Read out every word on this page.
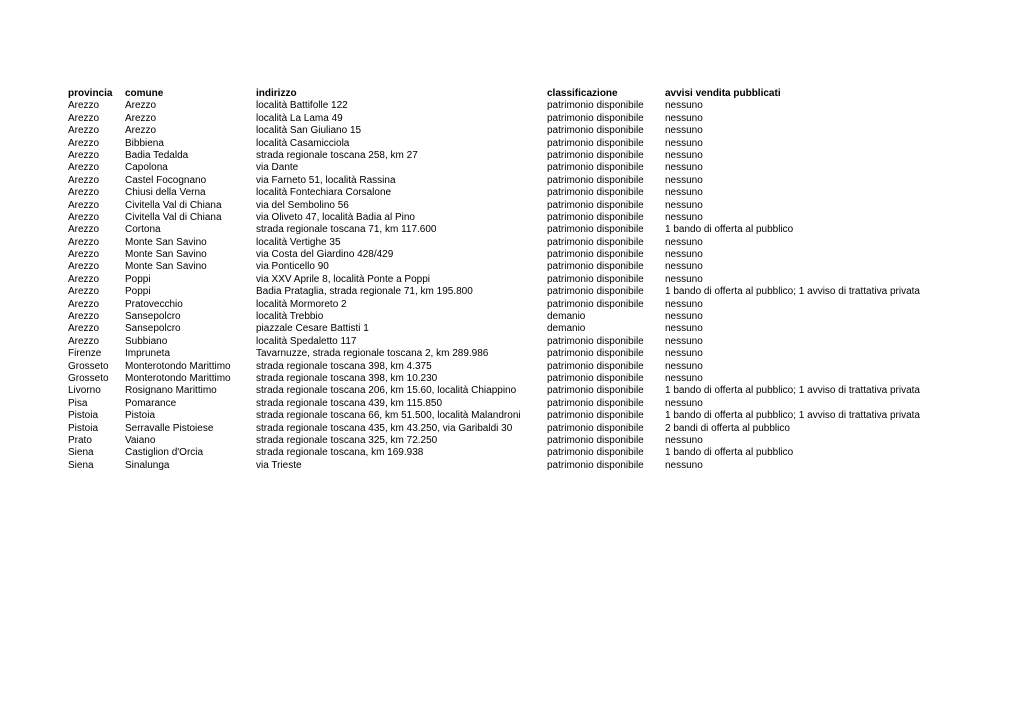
provincia	comune	indirizzo	classificazione	avvisi vendita pubblicati
Arezzo	Arezzo	località Battifolle 122	patrimonio disponibile	nessuno
Arezzo	Arezzo	località La Lama 49	patrimonio disponibile	nessuno
Arezzo	Arezzo	località San Giuliano 15	patrimonio disponibile	nessuno
Arezzo	Bibbiena	località Casamicciola	patrimonio disponibile	nessuno
Arezzo	Badia Tedalda	strada regionale toscana 258, km 27	patrimonio disponibile	nessuno
Arezzo	Capolona	via Dante	patrimonio disponibile	nessuno
Arezzo	Castel Focognano	via Farneto 51, località Rassina	patrimonio disponibile	nessuno
Arezzo	Chiusi della Verna	località Fontechiara Corsalone	patrimonio disponibile	nessuno
Arezzo	Civitella Val di Chiana	via del Sembolino 56	patrimonio disponibile	nessuno
Arezzo	Civitella Val di Chiana	via Oliveto 47, località Badia al Pino	patrimonio disponibile	nessuno
Arezzo	Cortona	strada regionale toscana 71, km 117.600	patrimonio disponibile	1 bando di offerta al pubblico
Arezzo	Monte San Savino	località Vertighe 35	patrimonio disponibile	nessuno
Arezzo	Monte San Savino	via Costa del Giardino 428/429	patrimonio disponibile	nessuno
Arezzo	Monte San Savino	via Ponticello 90	patrimonio disponibile	nessuno
Arezzo	Poppi	via XXV Aprile 8, località Ponte a Poppi	patrimonio disponibile	nessuno
Arezzo	Poppi	Badia Prataglia, strada regionale 71, km 195.800	patrimonio disponibile	1 bando di offerta al pubblico; 1 avviso di trattativa privata
Arezzo	Pratovecchio	località Mormoreto 2	patrimonio disponibile	nessuno
Arezzo	Sansepolcro	località Trebbio	demanio	nessuno
Arezzo	Sansepolcro	piazzale Cesare Battisti 1	demanio	nessuno
Arezzo	Subbiano	località Spedaletto 117	patrimonio disponibile	nessuno
Firenze	Impruneta	Tavarnuzze, strada regionale toscana 2, km 289.986	patrimonio disponibile	nessuno
Grosseto	Monterotondo Marittimo	strada regionale toscana 398, km 4.375	patrimonio disponibile	nessuno
Grosseto	Monterotondo Marittimo	strada regionale toscana 398, km 10.230	patrimonio disponibile	nessuno
Livorno	Rosignano Marittimo	strada regionale toscana 206, km 15.60, località Chiappino	patrimonio disponibile	1 bando di offerta al pubblico; 1 avviso di trattativa privata
Pisa	Pomarance	strada regionale toscana 439, km 115.850	patrimonio disponibile	nessuno
Pistoia	Pistoia	strada regionale toscana 66, km 51.500, località Malandroni	patrimonio disponibile	1 bando di offerta al pubblico; 1 avviso di trattativa privata
Pistoia	Serravalle Pistoiese	strada regionale toscana 435, km 43.250, via Garibaldi 30	patrimonio disponibile	2 bandi di offerta al pubblico
Prato	Vaiano	strada regionale toscana 325, km 72.250	patrimonio disponibile	nessuno
Siena	Castiglion d'Orcia	strada regionale toscana, km 169.938	patrimonio disponibile	1 bando di offerta al pubblico
Siena	Sinalunga	via Trieste	patrimonio disponibile	nessuno
